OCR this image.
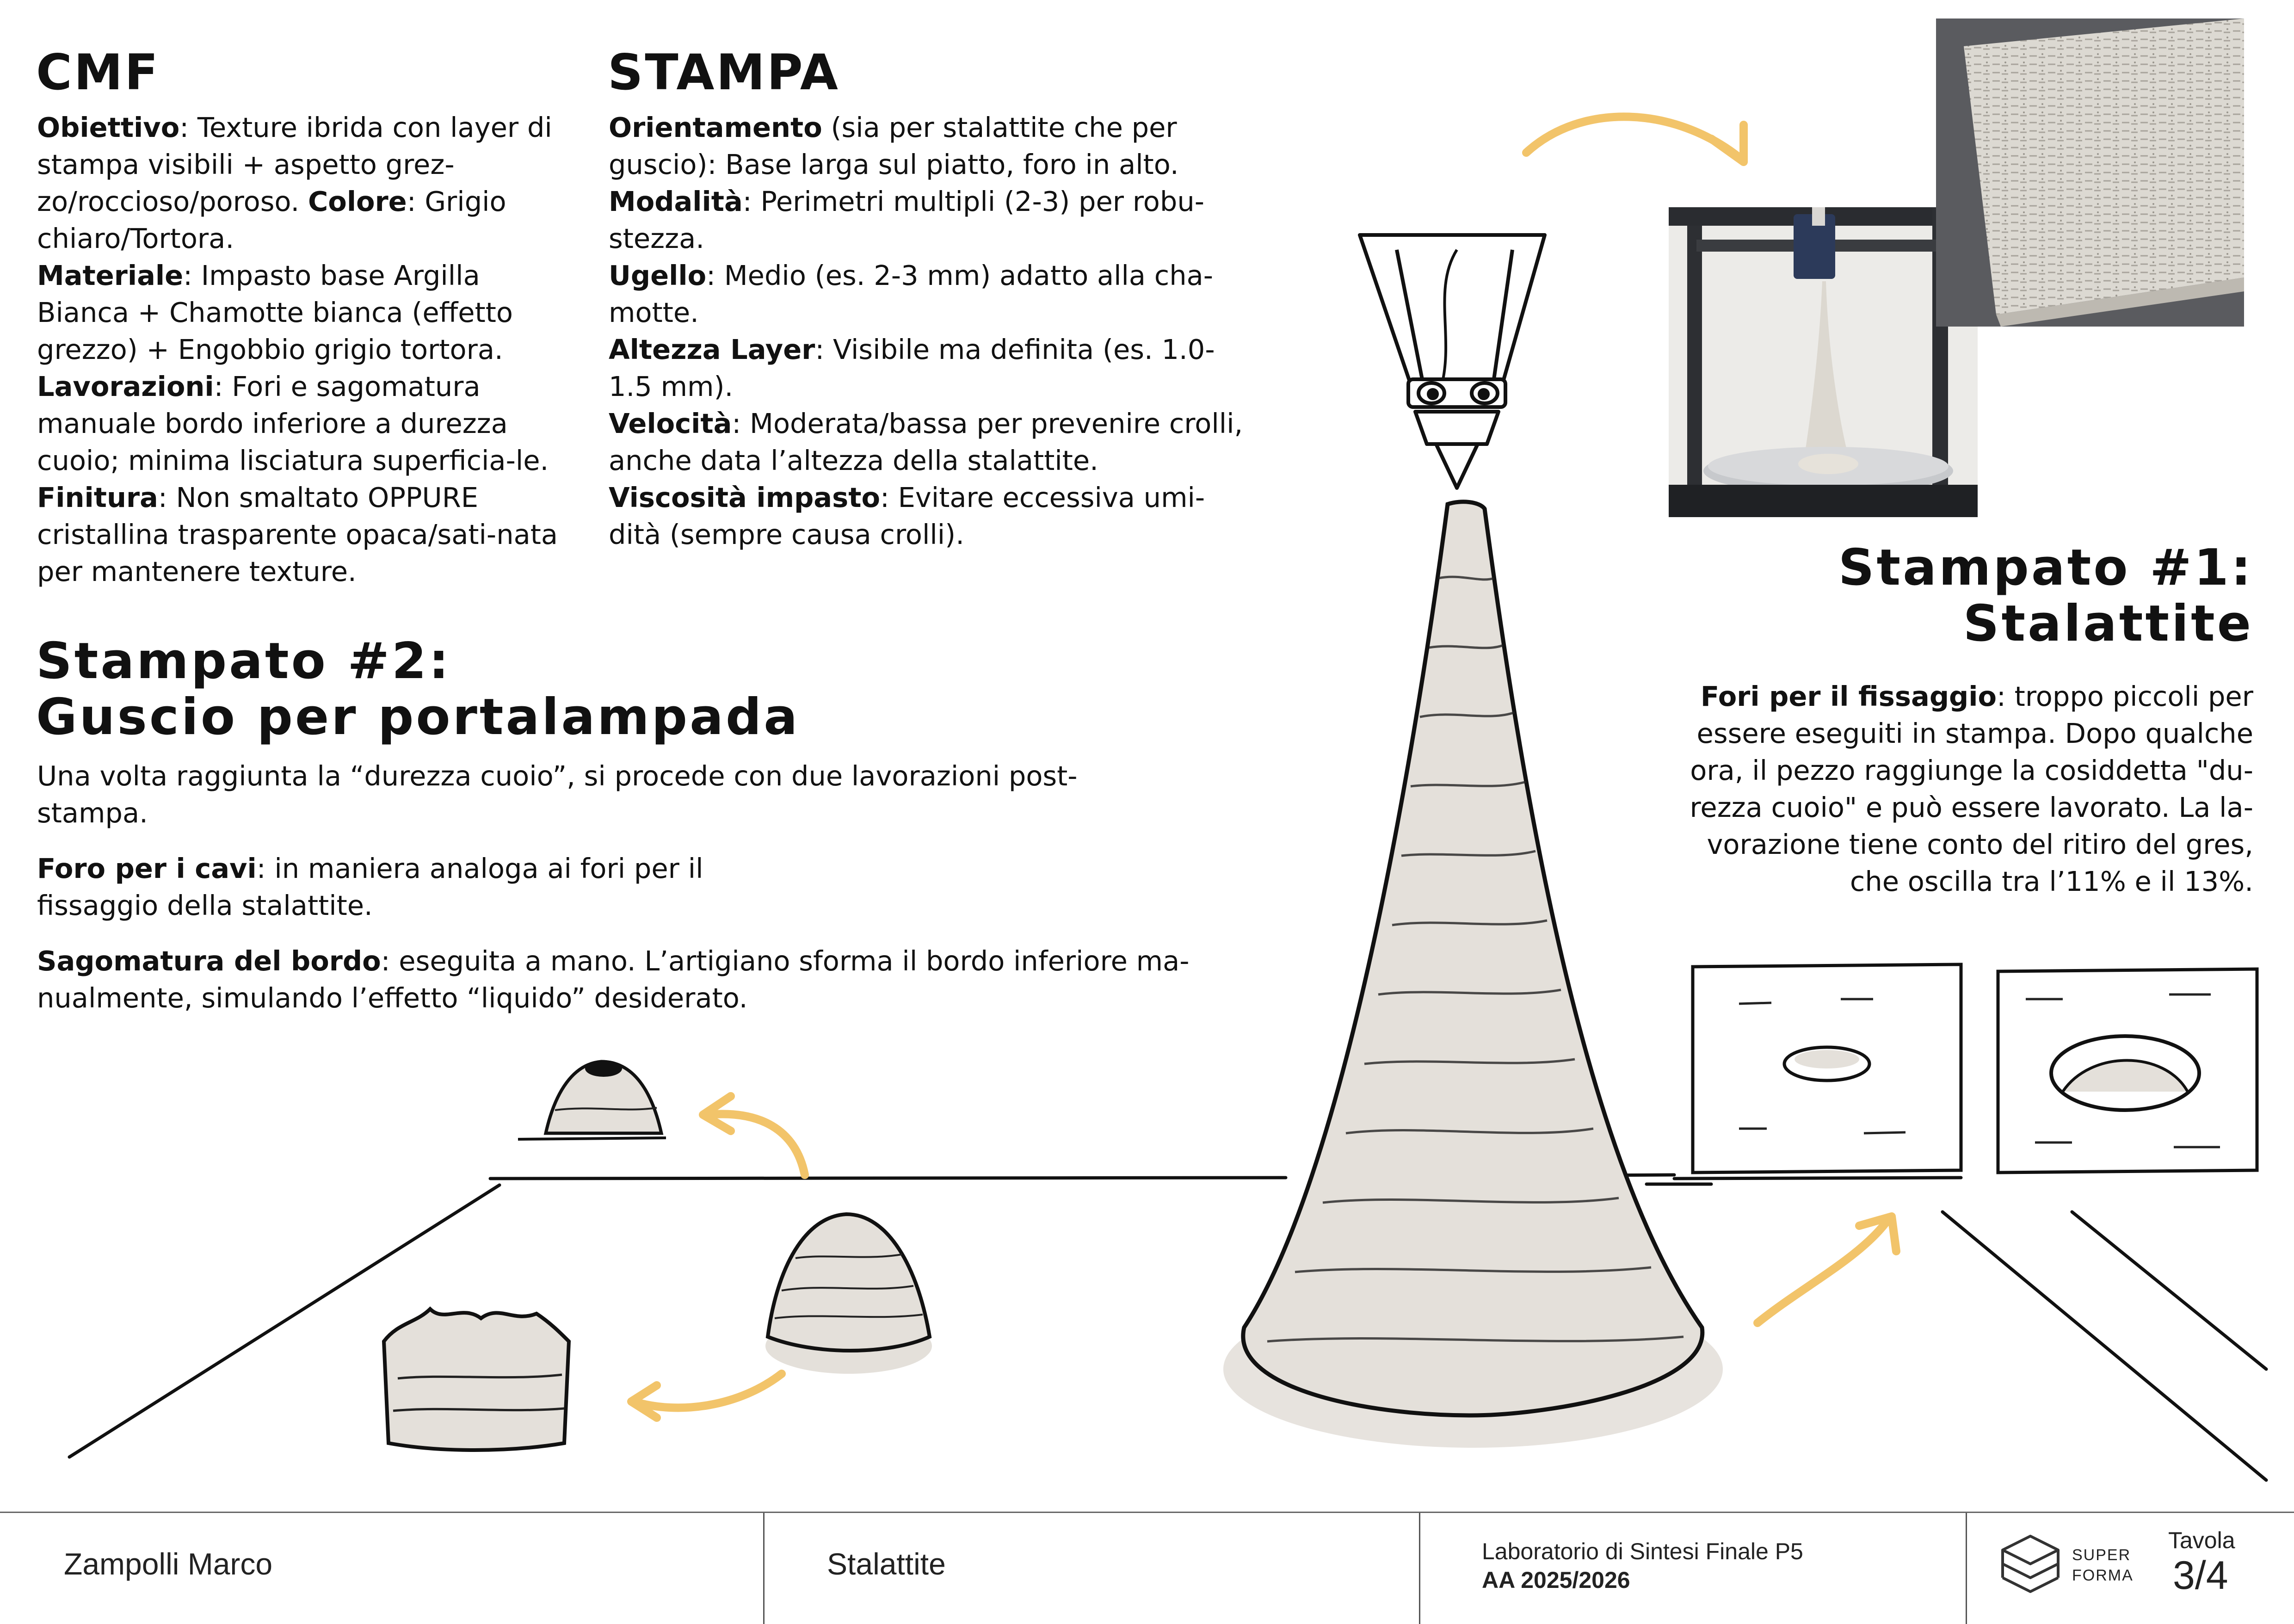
CMF

Obiettivo: Texture ibrida con layer di stampa visibili + aspetto grez-zo/roccioso/poroso. Colore: Grigio chiaro/Tortora.
Materiale: Impasto base Argilla Bianca + Chamotte bianca (effetto grezzo) + Engobbio grigio tortora.
Lavorazioni: Fori e sagomatura manuale bordo inferiore a durezza cuoio; minima lisciatura superficia-le. Finitura: Non smaltato OPPURE cristallina trasparente opaca/sati-nata per mantenere texture.

STAMPA

Orientamento (sia per stalattite che per guscio): Base larga sul piatto, foro in alto.

Modalità: Perimetri multipli (2-3) per robu-stezza.

Ugello: Medio (es. 2-3 mm) adatto alla cha-motte.

Altezza Layer: Visibile ma definita (es. 1.0-1.5 mm).

Velocità: Moderata/bassa per prevenire crolli, anche data l’altezza della stalattite.

Viscosità impasto: Evitare eccessiva umi-dità (sempre causa crolli).

Stampato #2:
Guscio per portalampada

Una volta raggiunta la “durezza cuoio”, si procede con due lavorazioni post-stampa.

Foro per i cavi: in maniera analoga ai fori per il fissaggio della stalattite.

Sagomatura del bordo: eseguita a mano. L’artigiano sforma il bordo inferiore ma-nualmente, simulando l’effetto “liquido” desiderato.

Stampato #1:
Stalattite

Fori per il fissaggio: troppo piccoli per essere eseguiti in stampa. Dopo qualche ora, il pezzo raggiunge la cosiddetta "du-rezza cuoio" e può essere lavorato. La la-vorazione tiene conto del ritiro del gres, che oscilla tra l’11% e il 13%.

Zampolli Marco	Stalattite	Laboratorio di Sintesi Finale P5
AA 2025/2026
SUPER
FORMA
Tavola
3/4
